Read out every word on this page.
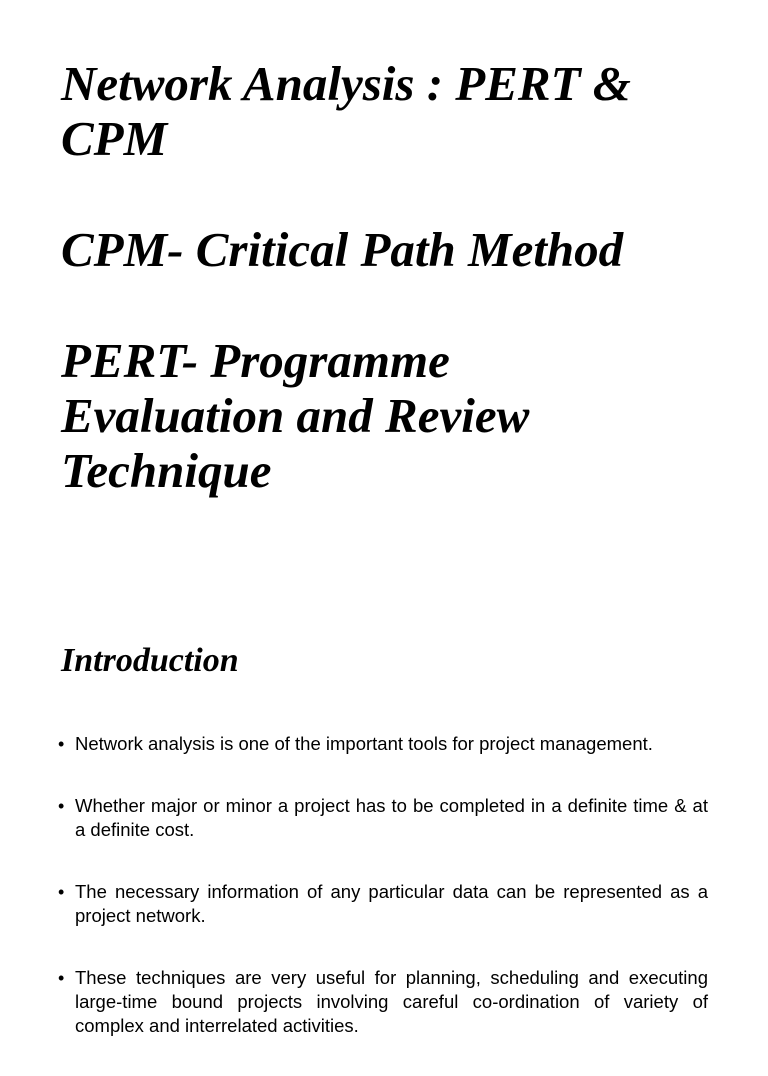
Network Analysis : PERT &
CPM
CPM- Critical Path Method
PERT- Programme
Evaluation and Review
Technique
Introduction
• Network analysis is one of the important tools for project management.
• Whether major or minor a project has to be completed in a definite time & at a definite cost.
• The necessary information of any particular data can be represented as a project network.
• These techniques are very useful for planning, scheduling and executing large-time bound projects involving careful co-ordination of variety of complex and interrelated activities.
